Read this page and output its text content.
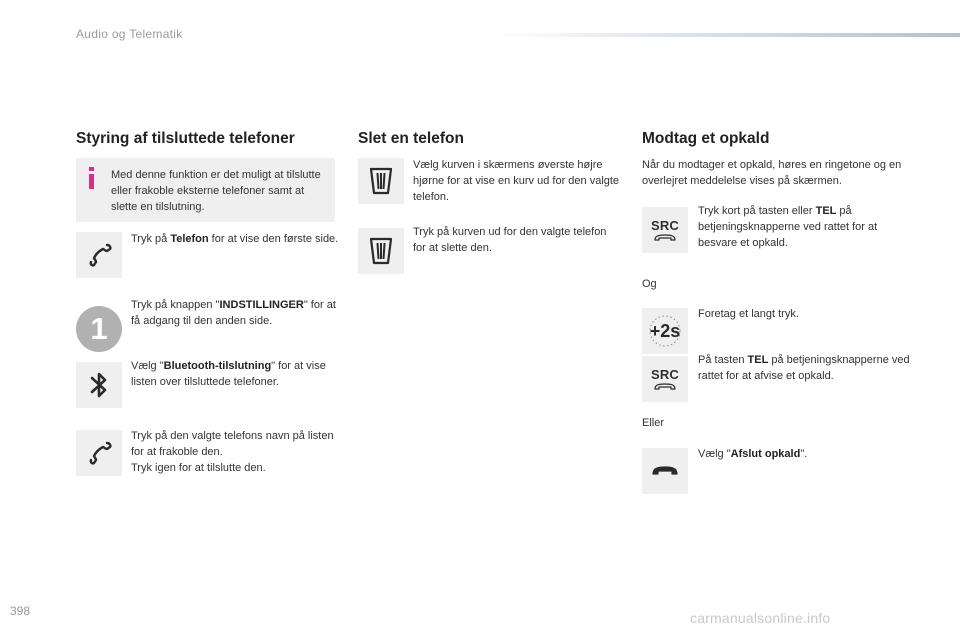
Audio og Telematik
Styring af tilsluttede telefoner
Med denne funktion er det muligt at tilslutte eller frakoble eksterne telefoner samt at slette en tilslutning.
Tryk på Telefon for at vise den første side.
1
Tryk på knappen "INDSTILLINGER" for at få adgang til den anden side.
Vælg "Bluetooth-tilslutning" for at vise listen over tilsluttede telefoner.
Tryk på den valgte telefons navn på listen for at frakoble den.
Tryk igen for at tilslutte den.
Slet en telefon
Vælg kurven i skærmens øverste højre hjørne for at vise en kurv ud for den valgte telefon.
Tryk på kurven ud for den valgte telefon for at slette den.
Modtag et opkald
Når du modtager et opkald, høres en ringetone og en overlejret meddelelse vises på skærmen.
SRC
Tryk kort på tasten eller TEL på betjeningsknapperne ved rattet for at besvare et opkald.
Og
+2s
Foretag et langt tryk.
SRC
På tasten TEL på betjeningsknapperne ved rattet for at afvise et opkald.
Eller
Vælg "Afslut opkald".
398	carmanualsonline.info
